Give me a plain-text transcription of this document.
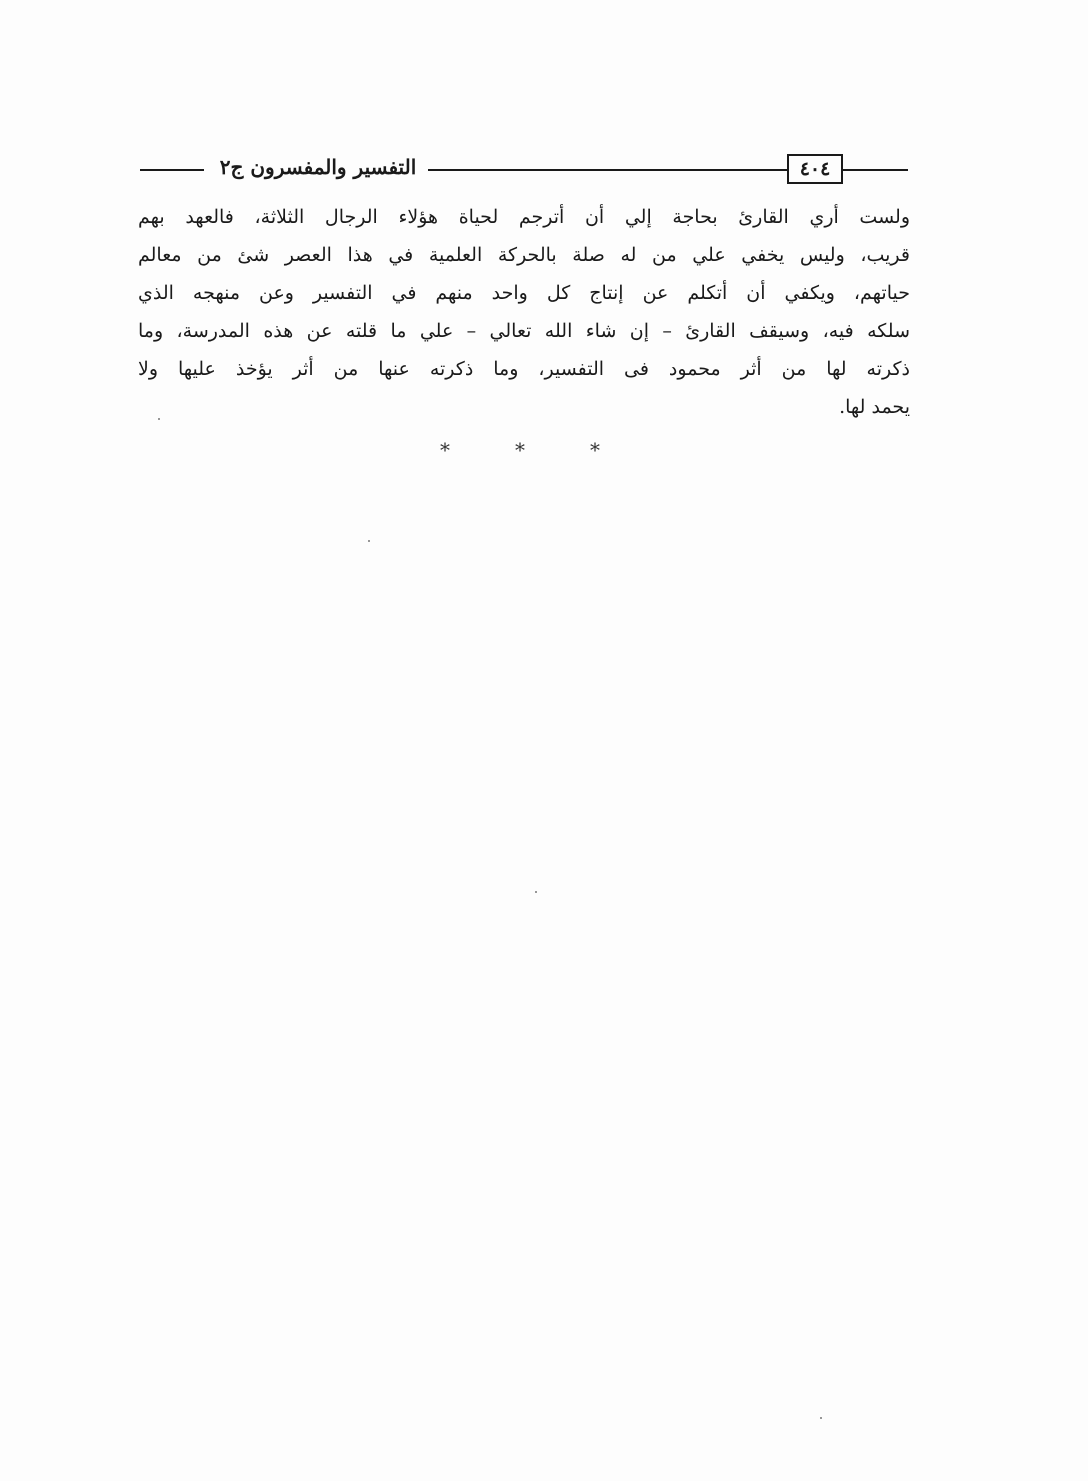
التفسير والمفسرون ج٢	٤٠٤
ولست أري القارئ بحاجة إلي أن أترجم لحياة هؤلاء الرجال الثلاثة، فالعهد بهم
قريب، وليس يخفي علي من له صلة بالحركة العلمية في هذا العصر شئ من معالم
حياتهم، ويكفي أن أتكلم عن إنتاج كل واحد منهم في التفسير وعن منهجه الذي
سلكه فيه، وسيقف القارئ – إن شاء الله تعالي – علي ما قلته عن هذه المدرسة، وما
ذكرته لها من أثر محمود فى التفسير، وما ذكرته عنها من أثر يؤخذ عليها ولا
يحمد لها.
*	*	*
